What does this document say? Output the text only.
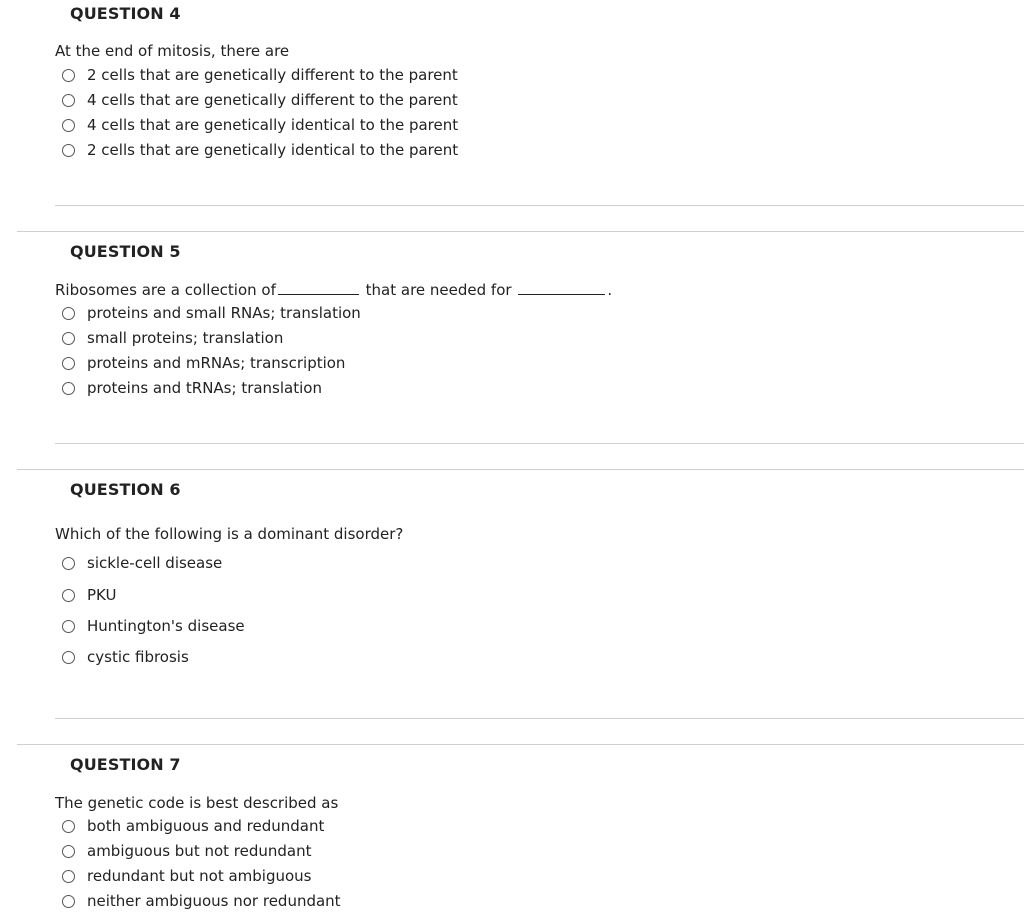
QUESTION 4
At the end of mitosis, there are
2 cells that are genetically different to the parent
4 cells that are genetically different to the parent
4 cells that are genetically identical to the parent
2 cells that are genetically identical to the parent
QUESTION 5
Ribosomes are a collection of	that are needed for	.
proteins and small RNAs; translation
small proteins; translation
proteins and mRNAs; transcription
proteins and tRNAs; translation
QUESTION 6
Which of the following is a dominant disorder?
sickle-cell disease
PKU
Huntington's disease
cystic fibrosis
QUESTION 7
The genetic code is best described as
both ambiguous and redundant
ambiguous but not redundant
redundant but not ambiguous
neither ambiguous nor redundant
